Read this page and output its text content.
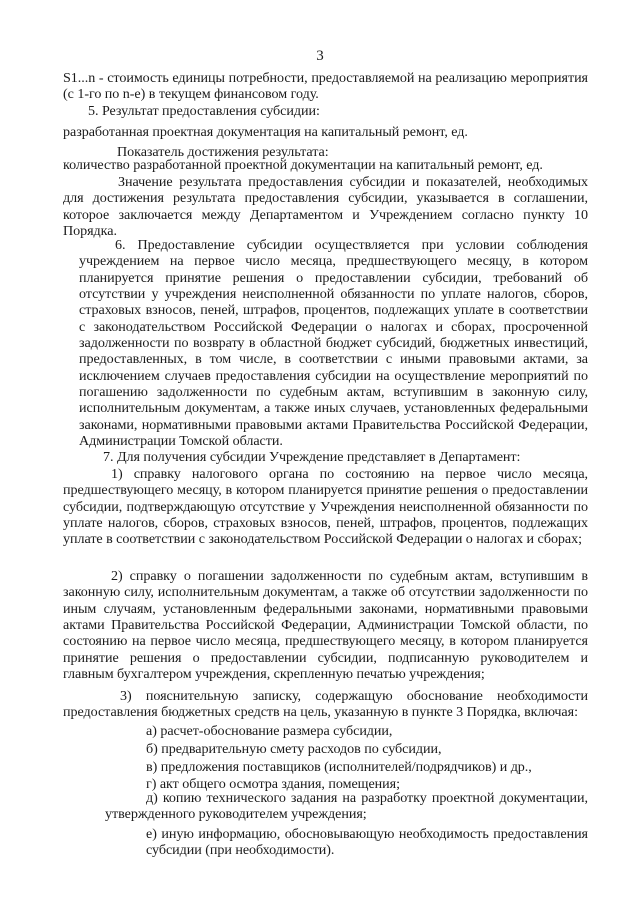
3

S1...n - стоимость единицы потребности, предоставляемой на реализацию мероприятия (с 1-го по n-е) в текущем финансовом году.

5. Результат предоставления субсидии:

разработанная проектная документация на капитальный ремонт, ед.

Показатель достижения результата:

количество разработанной проектной документации на капитальный ремонт, ед.

Значение результата предоставления субсидии и показателей, необходимых для достижения результата предоставления субсидии, указывается в соглашении, которое заключается между Департаментом и Учреждением согласно пункту 10 Порядка.

6. Предоставление субсидии осуществляется при условии соблюдения учреждением на первое число месяца, предшествующего месяцу, в котором планируется принятие решения о предоставлении субсидии, требований об отсутствии у учреждения неисполненной обязанности по уплате налогов, сборов, страховых взносов, пеней, штрафов, процентов, подлежащих уплате в соответствии с законодательством Российской Федерации о налогах и сборах, просроченной задолженности по возврату в областной бюджет субсидий, бюджетных инвестиций, предоставленных, в том числе, в соответствии с иными правовыми актами, за исключением случаев предоставления субсидии на осуществление мероприятий по погашению задолженности по судебным актам, вступившим в законную силу, исполнительным документам, а также иных случаев, установленных федеральными законами, нормативными правовыми актами Правительства Российской Федерации, Администрации Томской области.

7. Для получения субсидии Учреждение представляет в Департамент:

1) справку налогового органа по состоянию на первое число месяца, предшествующего месяцу, в котором планируется принятие решения о предоставлении субсидии, подтверждающую отсутствие у Учреждения неисполненной обязанности по уплате налогов, сборов, страховых взносов, пеней, штрафов, процентов, подлежащих уплате в соответствии с законодательством Российской Федерации о налогах и сборах;

2) справку о погашении задолженности по судебным актам, вступившим в законную силу, исполнительным документам, а также об отсутствии задолженности по иным случаям, установленным федеральными законами, нормативными правовыми актами Правительства Российской Федерации, Администрации Томской области, по состоянию на первое число месяца, предшествующего месяцу, в котором планируется принятие решения о предоставлении субсидии, подписанную руководителем и главным бухгалтером учреждения, скрепленную печатью учреждения;

3) пояснительную записку, содержащую обоснование необходимости предоставления бюджетных средств на цель, указанную в пункте 3 Порядка, включая:

а) расчет-обоснование размера субсидии,

б) предварительную смету расходов по субсидии,

в) предложения поставщиков (исполнителей/подрядчиков) и др.,

г) акт общего осмотра здания, помещения;

д) копию технического задания на разработку проектной документации, утвержденного руководителем учреждения;

е) иную информацию, обосновывающую необходимость предоставления субсидии (при необходимости).
